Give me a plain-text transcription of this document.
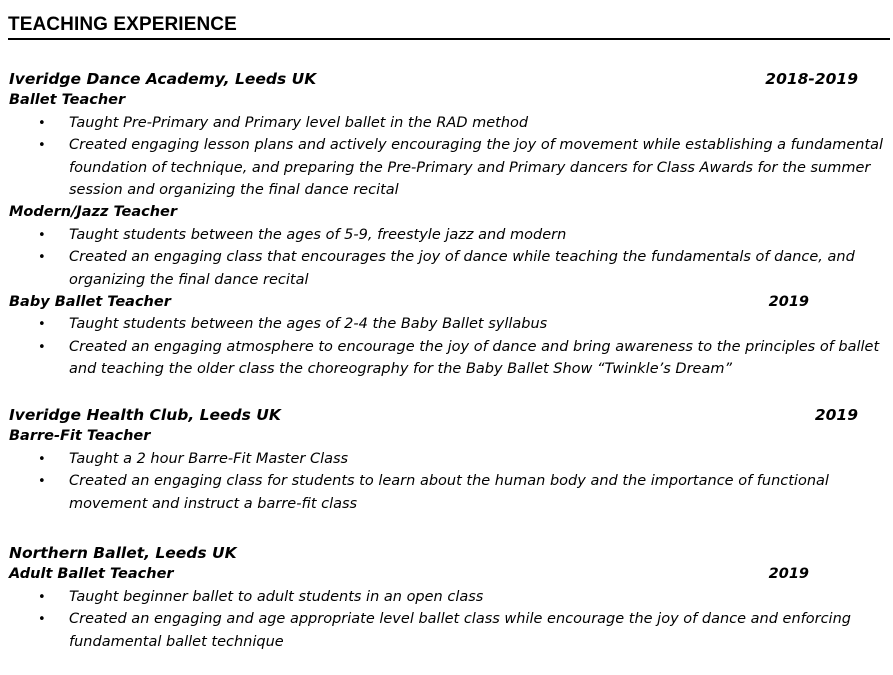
TEACHING EXPERIENCE
Iveridge Dance Academy, Leeds UK	2018-2019
Ballet Teacher
• Taught Pre-Primary and Primary level ballet in the RAD method
• Created engaging lesson plans and actively encouraging the joy of movement while establishing a fundamental
foundation of technique, and preparing the Pre-Primary and Primary dancers for Class Awards for the summer
session and organizing the final dance recital
Modern/Jazz Teacher
• Taught students between the ages of 5-9, freestyle jazz and modern
• Created an engaging class that encourages the joy of dance while teaching the fundamentals of dance, and
organizing the final dance recital
Baby Ballet Teacher	2019
• Taught students between the ages of 2-4 the Baby Ballet syllabus
• Created an engaging atmosphere to encourage the joy of dance and bring awareness to the principles of ballet
and teaching the older class the choreography for the Baby Ballet Show “Twinkle’s Dream”
Iveridge Health Club, Leeds UK	2019
Barre-Fit Teacher
• Taught a 2 hour Barre-Fit Master Class
• Created an engaging class for students to learn about the human body and the importance of functional
movement and instruct a barre-fit class
Northern Ballet, Leeds UK
Adult Ballet Teacher	2019
• Taught beginner ballet to adult students in an open class
• Created an engaging and age appropriate level ballet class while encourage the joy of dance and enforcing
fundamental ballet technique
